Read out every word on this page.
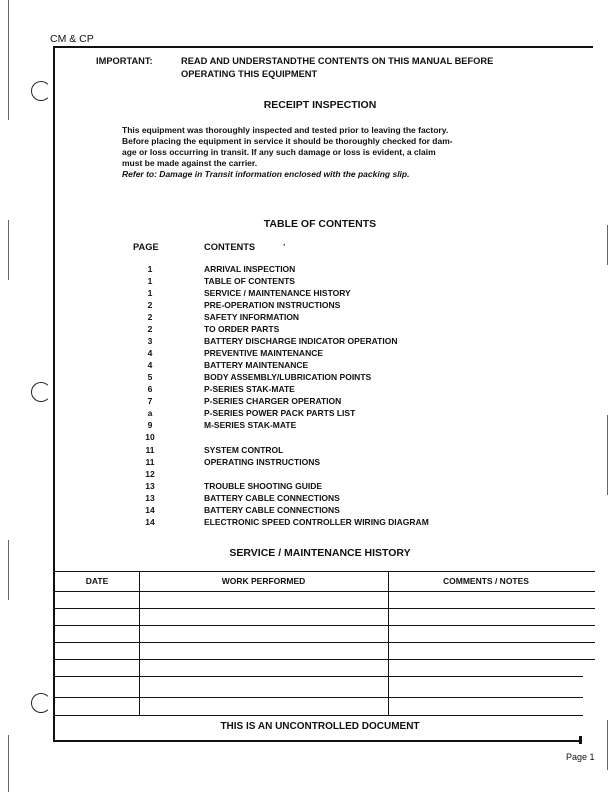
CM & CP
IMPORTANT:	READ AND UNDERSTANDTHE CONTENTS ON THIS MANUAL BEFORE
OPERATING THIS EQUIPMENT
RECEIPT INSPECTION

This equipment was thoroughly inspected and tested prior to leaving the factory.

Before placing the equipment in service it should be thoroughly checked for dam-

age or loss occurring in transit. If any such damage or loss is evident, a claim

must be made against the carrier.

Refer to: Damage in Transit information enclosed with the packing slip.

TABLE OF CONTENTS
PAGE	CONTENTS	·
1	ARRIVAL INSPECTION
1	TABLE OF CONTENTS
1	SERVICE / MAINTENANCE HISTORY
2	PRE-OPERATION INSTRUCTIONS
2	SAFETY INFORMATION
2	TO ORDER PARTS
3	BATTERY DISCHARGE INDICATOR OPERATION
4	PREVENTIVE MAINTENANCE
4	BATTERY MAINTENANCE
5	BODY ASSEMBLY/LUBRICATION POINTS
6	P-SERIES STAK-MATE
7	P-SERIES CHARGER OPERATION
a	P-SERIES POWER PACK PARTS LIST
9	M-SERIES STAK-MATE
10
11	SYSTEM CONTROL
11	OPERATING INSTRUCTIONS
12
13	TROUBLE SHOOTING GUIDE
13	BATTERY CABLE CONNECTIONS
14	BATTERY CABLE CONNECTIONS
14	ELECTRONIC SPEED CONTROLLER WIRING DIAGRAM
SERVICE / MAINTENANCE HISTORY
DATE	WORK PERFORMED	COMMENTS / NOTES
THIS IS AN UNCONTROLLED DOCUMENT
Page 1
